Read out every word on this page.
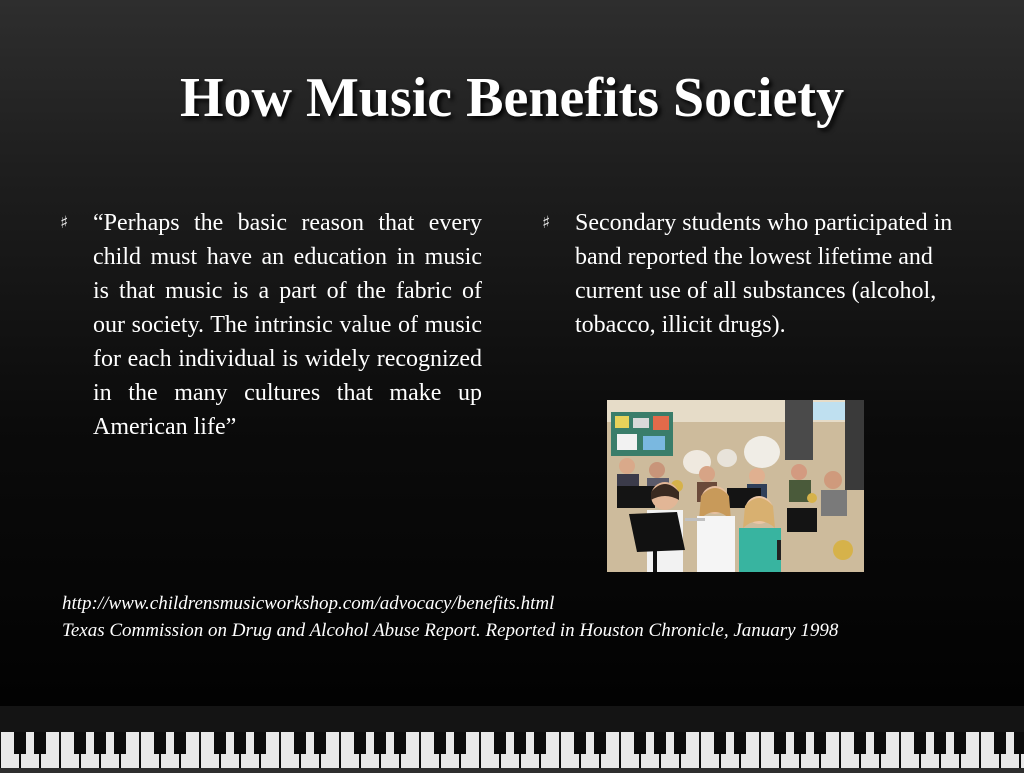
How Music Benefits Society
♯	“Perhaps the basic reason that every child must have an education in music is that music is a part of the fabric of our society. The intrinsic value of music for each individual is widely recognized in the many cultures that make up American life”
♯	Secondary students who participated in band reported the lowest lifetime and current use of all substances (alcohol, tobacco, illicit drugs).
http://www.childrensmusicworkshop.com/advocacy/benefits.html
Texas Commission on Drug and Alcohol Abuse Report. Reported in Houston Chronicle, January 1998
